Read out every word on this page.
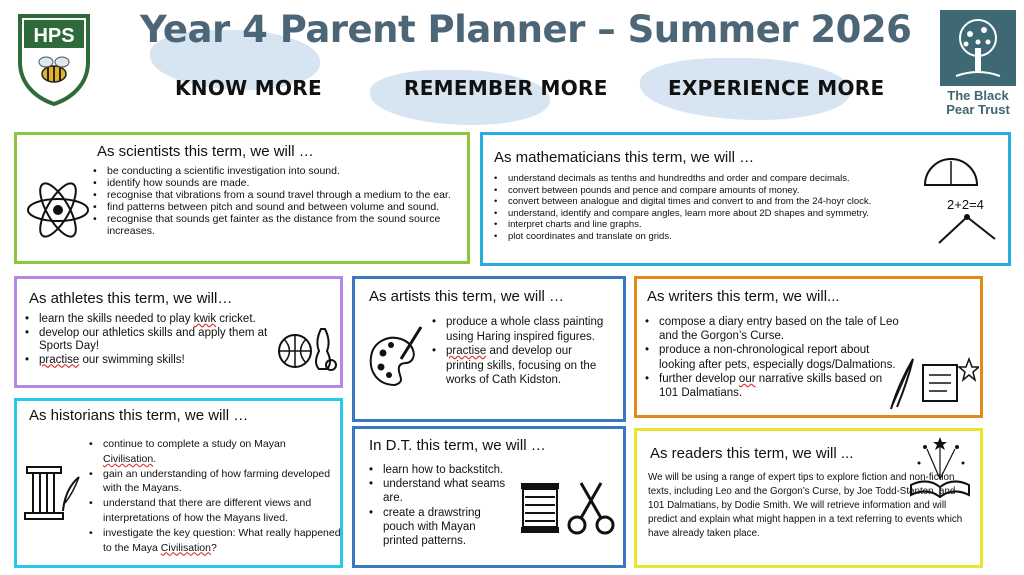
HPS Year 4 Parent Planner – Summer 2026
KNOW MORE	REMEMBER MORE	EXPERIENCE MORE	The Black
Pear Trust
As scientists this term, we will …
• be conducting a scientific investigation into sound.
• identify how sounds are made.
• recognise that vibrations from a sound travel through a medium to the ear.
• find patterns between pitch and sound and between volume and sound.
• recognise that sounds get fainter as the distance from the sound source increases.
As mathematicians this term, we will …
• understand decimals as tenths and hundredths and order and compare decimals.
• convert between pounds and pence and compare amounts of money.
• convert between analogue and digital times and convert to and from the 24-hoyr clock.
• understand, identify and compare angles, learn more about 2D shapes and symmetry.
• interpret charts and line graphs.
• plot coordinates and translate on grids.
2+2=4
As athletes this term, we will…
• learn the skills needed to play kwik cricket.
• develop our athletics skills and apply them at Sports Day!
• practise our swimming skills!
As historians this term, we will …
• continue to complete a study on Mayan Civilisation.
• gain an understanding of how farming developed with the Mayans.
• understand that there are different views and interpretations of how the Mayans lived.
• investigate the key question: What really happened to the Maya Civilisation?
As artists this term, we will …
• produce a whole class painting using Haring inspired figures.
• practise and develop our printing skills, focusing on the works of Cath Kidston.
In D.T. this term, we will …
• learn how to backstitch.
• understand what seams are.
• create a drawstring pouch with Mayan printed patterns.
As writers this term, we will...
• compose a diary entry based on the tale of Leo and the Gorgon’s Curse.
• produce a non-chronological report about looking after pets, especially dogs/Dalmations.
• further develop our narrative skills based on 101 Dalmatians.
As readers this term, we will ...

We will be using a range of expert tips to explore fiction and non-fiction texts, including Leo and the Gorgon’s Curse, by Joe Todd-Stanton, and 101 Dalmatians, by Dodie Smith. We will retrieve information and will predict and explain what might happen in a text referring to events which have already taken place.
